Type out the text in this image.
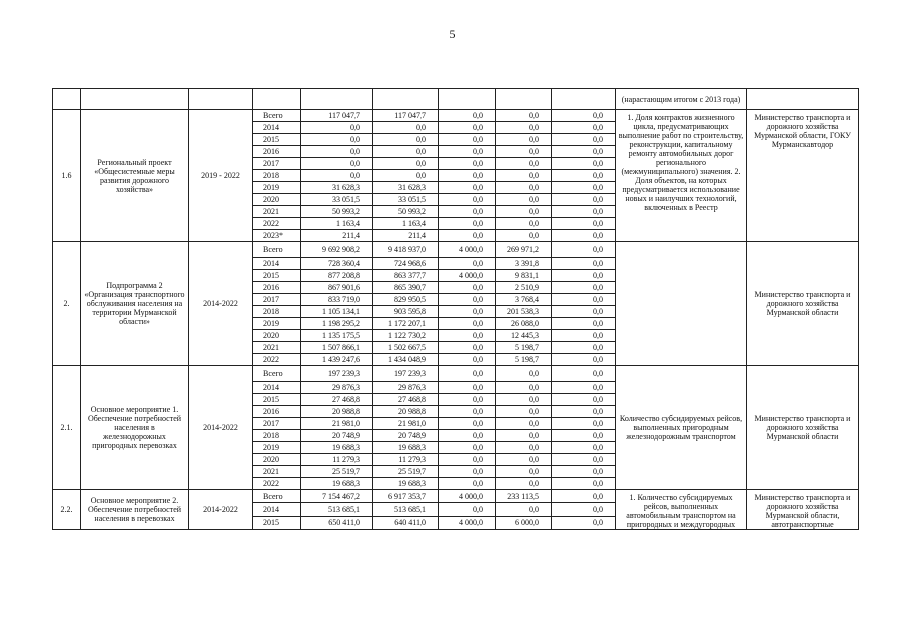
5
									(нарастающим итогом с 2013 года)	
1.6	Региональный проект «Общесистемные меры развития дорожного хозяйства»	2019 - 2022	Всего	117 047,7	117 047,7	0,0	0,0	0,0	1. Доля контрактов жизненного цикла, предусматривающих выполнение работ по строительству, реконструкции, капитальному ремонту автомобильных дорог регионального (межмуниципального) значения. 2. Доля объектов, на которых предусматривается использование новых и наилучших технологий, включенных в Реестр	Министерство транспорта и дорожного хозяйства Мурманской области, ГОКУ Мурманскавтодор
			2014	0,0	0,0	0,0	0,0	0,0		
			2015	0,0	0,0	0,0	0,0	0,0		
			2016	0,0	0,0	0,0	0,0	0,0		
			2017	0,0	0,0	0,0	0,0	0,0		
			2018	0,0	0,0	0,0	0,0	0,0		
			2019	31 628,3	31 628,3	0,0	0,0	0,0		
			2020	33 051,5	33 051,5	0,0	0,0	0,0		
			2021	50 993,2	50 993,2	0,0	0,0	0,0		
			2022	1 163,4	1 163,4	0,0	0,0	0,0		
			2023*	211,4	211,4	0,0	0,0	0,0		
2.	Подпрограмма 2 «Организация транспортного обслуживания населения на территории Мурманской области»	2014-2022	Всего	9 692 908,2	9 418 937,0	4 000,0	269 971,2	0,0		Министерство транспорта и дорожного хозяйства Мурманской области
			2014	728 360,4	724 968,6	0,0	3 391,8	0,0		
			2015	877 208,8	863 377,7	4 000,0	9 831,1	0,0		
			2016	867 901,6	865 390,7	0,0	2 510,9	0,0		
			2017	833 719,0	829 950,5	0,0	3 768,4	0,0		
			2018	1 105 134,1	903 595,8	0,0	201 538,3	0,0		
			2019	1 198 295,2	1 172 207,1	0,0	26 088,0	0,0		
			2020	1 135 175,5	1 122 730,2	0,0	12 445,3	0,0		
			2021	1 507 866,1	1 502 667,5	0,0	5 198,7	0,0		
			2022	1 439 247,6	1 434 048,9	0,0	5 198,7	0,0		
2.1.	Основное мероприятие 1. Обеспечение потребностей населения в железнодорожных пригородных перевозках	2014-2022	Всего	197 239,3	197 239,3	0,0	0,0	0,0	Количество субсидируемых рейсов, выполненных пригородным железнодорожным транспортом	Министерство транспорта и дорожного хозяйства Мурманской области
			2014	29 876,3	29 876,3	0,0	0,0	0,0		
			2015	27 468,8	27 468,8	0,0	0,0	0,0		
			2016	20 988,8	20 988,8	0,0	0,0	0,0		
			2017	21 981,0	21 981,0	0,0	0,0	0,0		
			2018	20 748,9	20 748,9	0,0	0,0	0,0		
			2019	19 688,3	19 688,3	0,0	0,0	0,0		
			2020	11 279,3	11 279,3	0,0	0,0	0,0		
			2021	25 519,7	25 519,7	0,0	0,0	0,0		
			2022	19 688,3	19 688,3	0,0	0,0	0,0		
2.2.	Основное мероприятие 2. Обеспечение потребностей населения в перевозках	2014-2022	Всего	7 154 467,2	6 917 353,7	4 000,0	233 113,5	0,0	1. Количество субсидируемых рейсов, выполненных автомобильным транспортом на пригородных и междугородных	Министерство транспорта и дорожного хозяйства Мурманской области, автотранспортные
			2014	513 685,1	513 685,1	0,0	0,0	0,0		
			2015	650 411,0	640 411,0	4 000,0	6 000,0	0,0		
